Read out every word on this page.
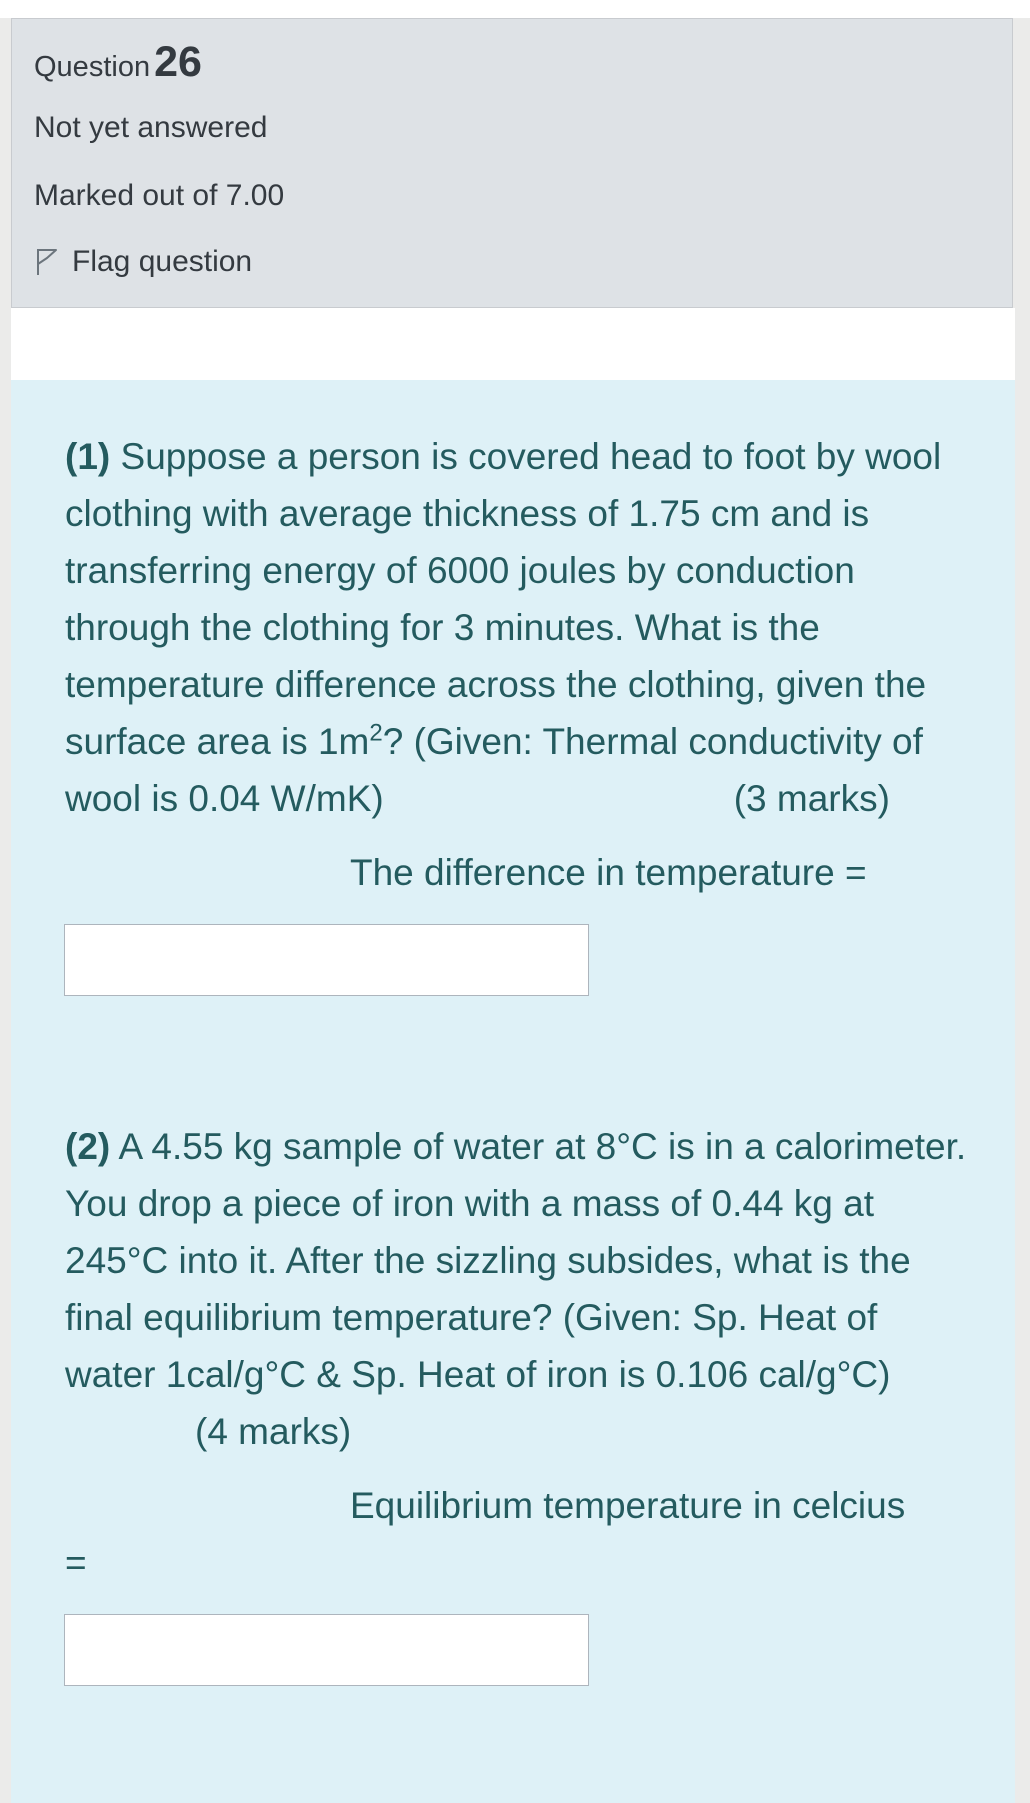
Question26
Not yet answered
Marked out of 7.00
Flag question

(1) Suppose a person is covered head to foot by wool clothing with average thickness of 1.75 cm and is transferring energy of 6000 joules by conduction through the clothing for 3 minutes. What is the temperature difference across the clothing, given the surface area is $1m^2$? (Given: Thermal conductivity of wool is 0.04 W/mK)	(3 marks)

The difference in temperature =

(2) A 4.55 kg sample of water at 8°C is in a calorimeter. You drop a piece of iron with a mass of 0.44 kg at 245°C into it. After the sizzling subsides, what is the final equilibrium temperature? (Given: Sp. Heat of water 1cal/g°C & Sp. Heat of iron is 0.106 cal/g°C)(4 marks)

Equilibrium temperature in celcius
=
